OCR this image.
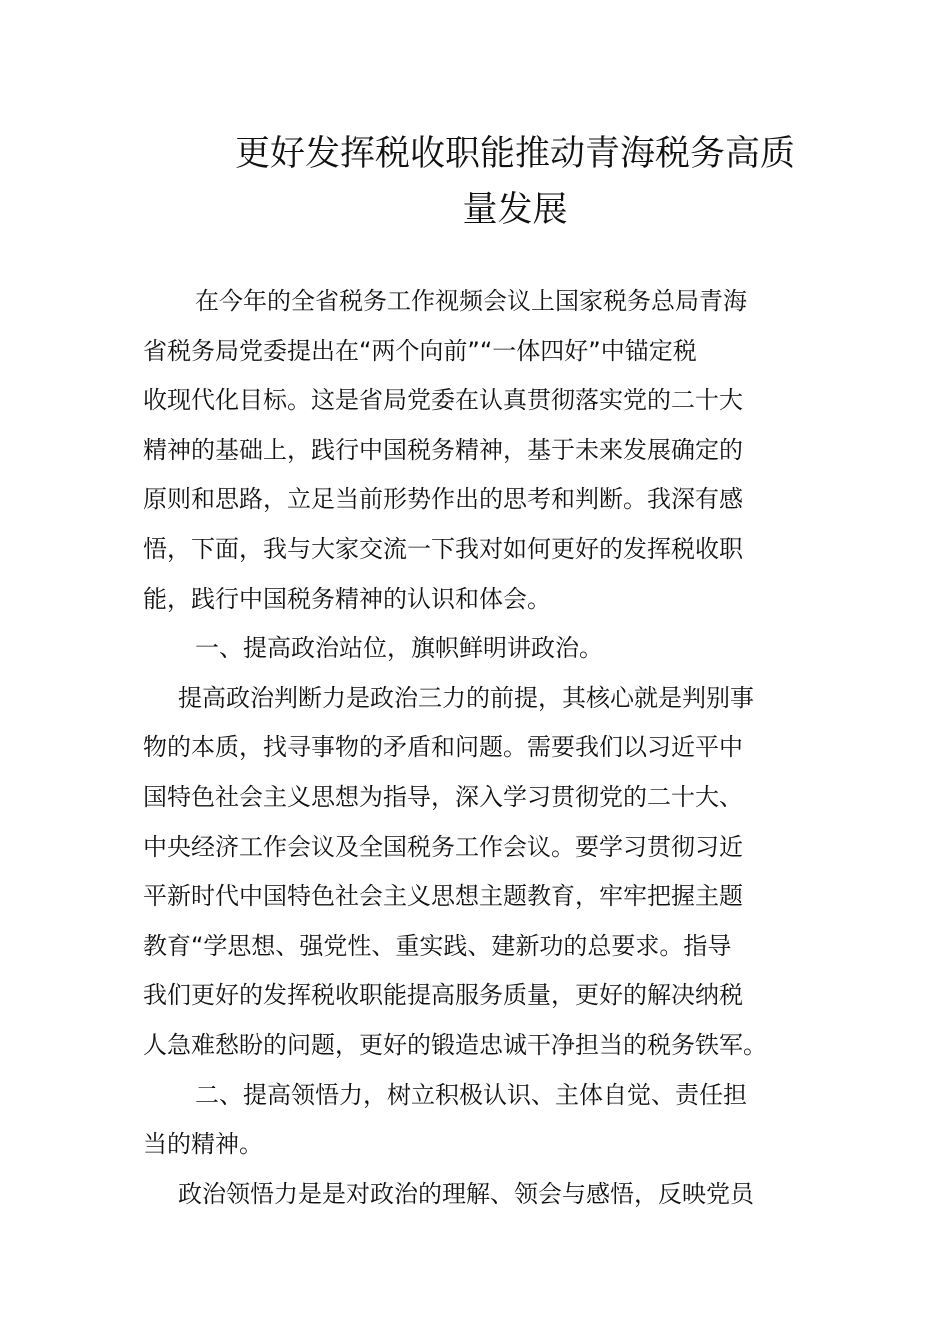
更好发挥税收职能推动青海税务高质
量发展
在今年的全省税务工作视频会议上国家税务总局青海
省税务局党委提出在“两个向前”“一体四好”中锚定税
收现代化目标。这是省局党委在认真贯彻落实党的二十大
精神的基础上，践行中国税务精神，基于未来发展确定的
原则和思路，立足当前形势作出的思考和判断。我深有感
悟，下面，我与大家交流一下我对如何更好的发挥税收职
能，践行中国税务精神的认识和体会。
一、提高政治站位，旗帜鲜明讲政治。
提高政治判断力是政治三力的前提，其核心就是判别事
物的本质，找寻事物的矛盾和问题。需要我们以习近平中
国特色社会主义思想为指导，深入学习贯彻党的二十大、
中央经济工作会议及全国税务工作会议。要学习贯彻习近
平新时代中国特色社会主义思想主题教育，牢牢把握主题
教育“学思想、强党性、重实践、建新功的总要求。指导
我们更好的发挥税收职能提高服务质量，更好的解决纳税
人急难愁盼的问题，更好的锻造忠诚干净担当的税务铁军。
二、提高领悟力，树立积极认识、主体自觉、责任担
当的精神。
政治领悟力是是对政治的理解、领会与感悟，反映党员
